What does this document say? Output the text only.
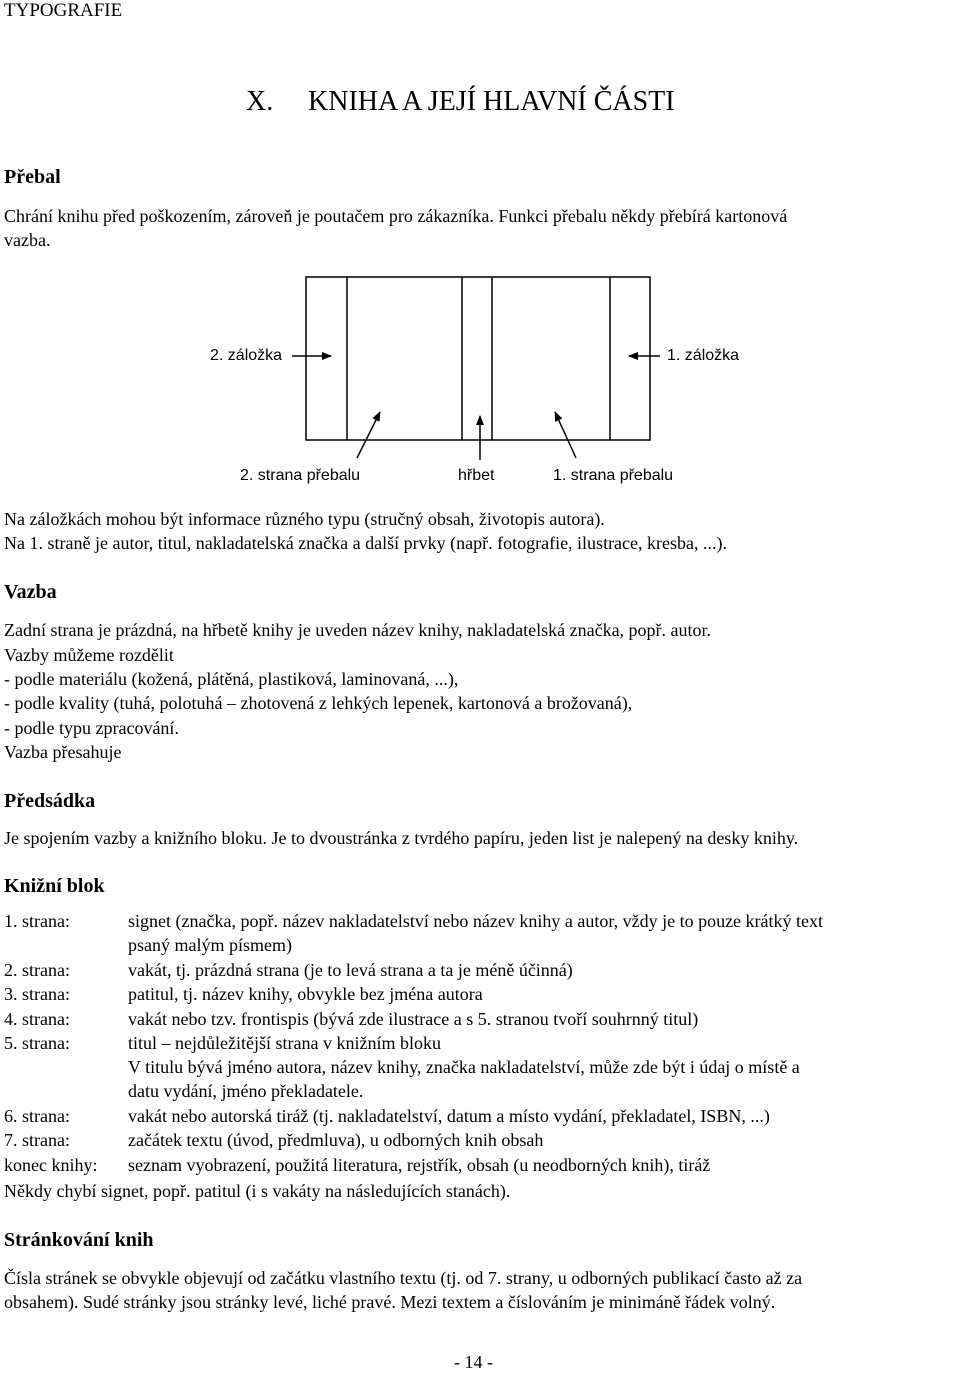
TYPOGRAFIE
X. KNIHA A JEJÍ HLAVNÍ ČÁSTI
Přebal
Chrání knihu před poškozením, zároveň je poutačem pro zákazníka. Funkci přebalu někdy přebírá kartonová
vazba.
2. záložka	1. záložka
2. strana přebalu	hřbet	1. strana přebalu
Na záložkách mohou být informace různého typu (stručný obsah, životopis autora).
Na 1. straně je autor, titul, nakladatelská značka a další prvky (např. fotografie, ilustrace, kresba, ...).
Vazba
Zadní strana je prázdná, na hřbetě knihy je uveden název knihy, nakladatelská značka, popř. autor.
Vazby můžeme rozdělit
- podle materiálu (kožená, plátěná, plastiková, laminovaná, ...),
- podle kvality (tuhá, polotuhá – zhotovená z lehkých lepenek, kartonová a brožovaná),
- podle typu zpracování.
Vazba přesahuje
Předsádka
Je spojením vazby a knižního bloku. Je to dvoustránka z tvrdého papíru, jeden list je nalepený na desky knihy.
Knižní blok
1. strana:	signet (značka, popř. název nakladatelství nebo název knihy a autor, vždy je to pouze krátký text
psaný malým písmem)
2. strana:	vakát, tj. prázdná strana (je to levá strana a ta je méně účinná)
3. strana:	patitul, tj. název knihy, obvykle bez jména autora
4. strana:	vakát nebo tzv. frontispis (bývá zde ilustrace a s 5. stranou tvoří souhrnný titul)
5. strana:	titul – nejdůležitější strana v knižním bloku
V titulu bývá jméno autora, název knihy, značka nakladatelství, může zde být i údaj o místě a
datu vydání, jméno překladatele.
6. strana:	vakát nebo autorská tiráž (tj. nakladatelství, datum a místo vydání, překladatel, ISBN, ...)
7. strana:	začátek textu (úvod, předmluva), u odborných knih obsah
konec knihy: seznam vyobrazení, použitá literatura, rejstřík, obsah (u neodborných knih), tiráž
Někdy chybí signet, popř. patitul (i s vakáty na následujících stanách).
Stránkování knih
Čísla stránek se obvykle objevují od začátku vlastního textu (tj. od 7. strany, u odborných publikací často až za
obsahem). Sudé stránky jsou stránky levé, liché pravé. Mezi textem a číslováním je minimáně řádek volný.
- 14 -
